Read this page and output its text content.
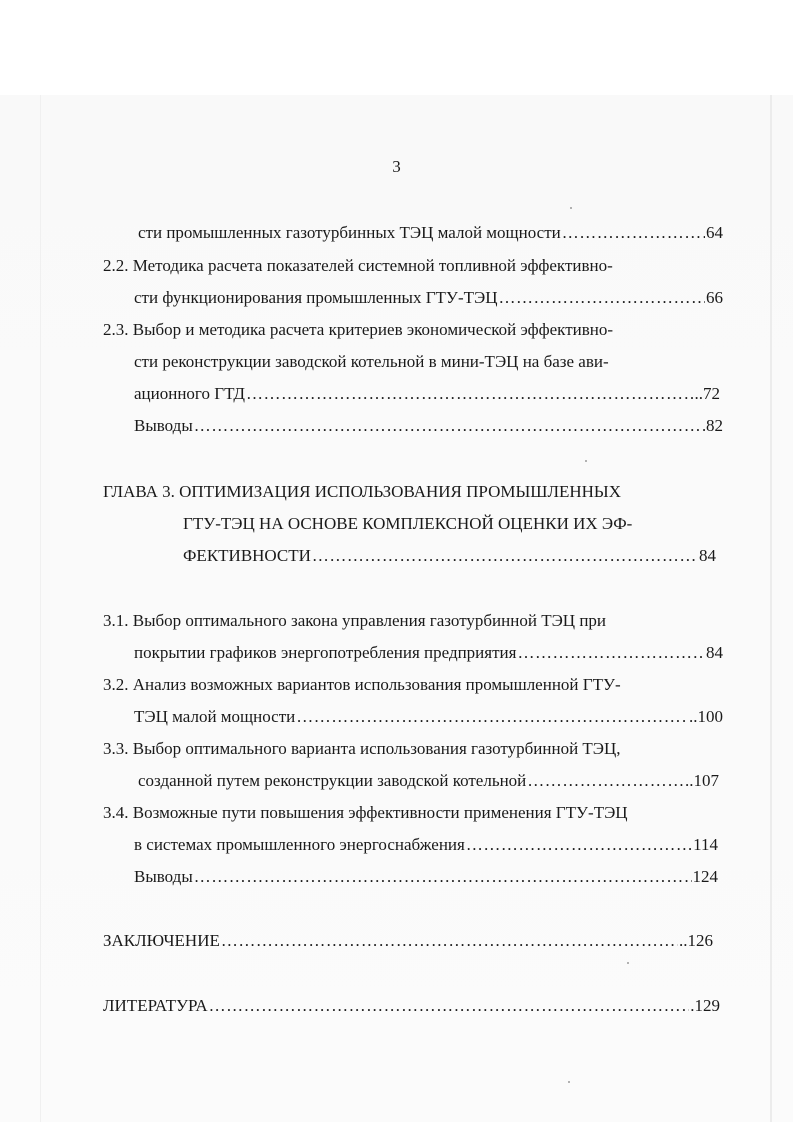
3
сти промышленных газотурбинных ТЭЦ малой мощности …………………………………………………………………………………………………………………………………………………………	64
2.2. Методика расчета показателей системной топливной эффективно-
сти функционирования промышленных ГТУ-ТЭЦ …………………………………………………………………………………………………………………………………………………………	66
2.3. Выбор и методика расчета критериев экономической эффективно-
сти реконструкции заводской котельной в мини-ТЭЦ на базе ави-
ационного ГТД …………………………………………………………………………………………………………………………………………………………	..72
Выводы …………………………………………………………………………………………………………………………………………………………	82
ГЛАВА 3. ОПТИМИЗАЦИЯ ИСПОЛЬЗОВАНИЯ ПРОМЫШЛЕННЫХ
ГТУ-ТЭЦ НА ОСНОВЕ КОМПЛЕКСНОЙ ОЦЕНКИ ИХ ЭФ-
ФЕКТИВНОСТИ …………………………………………………………………………………………………………………………………………………………	84
3.1. Выбор оптимального закона управления газотурбинной ТЭЦ при
покрытии графиков энергопотребления предприятия …………………………………………………………………………………………………………………………………………………………	84
3.2. Анализ возможных вариантов использования промышленной ГТУ-
ТЭЦ малой мощности …………………………………………………………………………………………………………………………………………………………	..100
3.3. Выбор оптимального варианта использования газотурбинной ТЭЦ,
созданной путем реконструкции заводской котельной …………………………………………………………………………………………………………………………………………………………	..107
3.4. Возможные пути повышения эффективности применения ГТУ-ТЭЦ
в системах промышленного энергоснабжения …………………………………………………………………………………………………………………………………………………………	114
Выводы …………………………………………………………………………………………………………………………………………………………	124
ЗАКЛЮЧЕНИЕ …………………………………………………………………………………………………………………………………………………………	..126
ЛИТЕРАТУРА …………………………………………………………………………………………………………………………………………………………	.129
